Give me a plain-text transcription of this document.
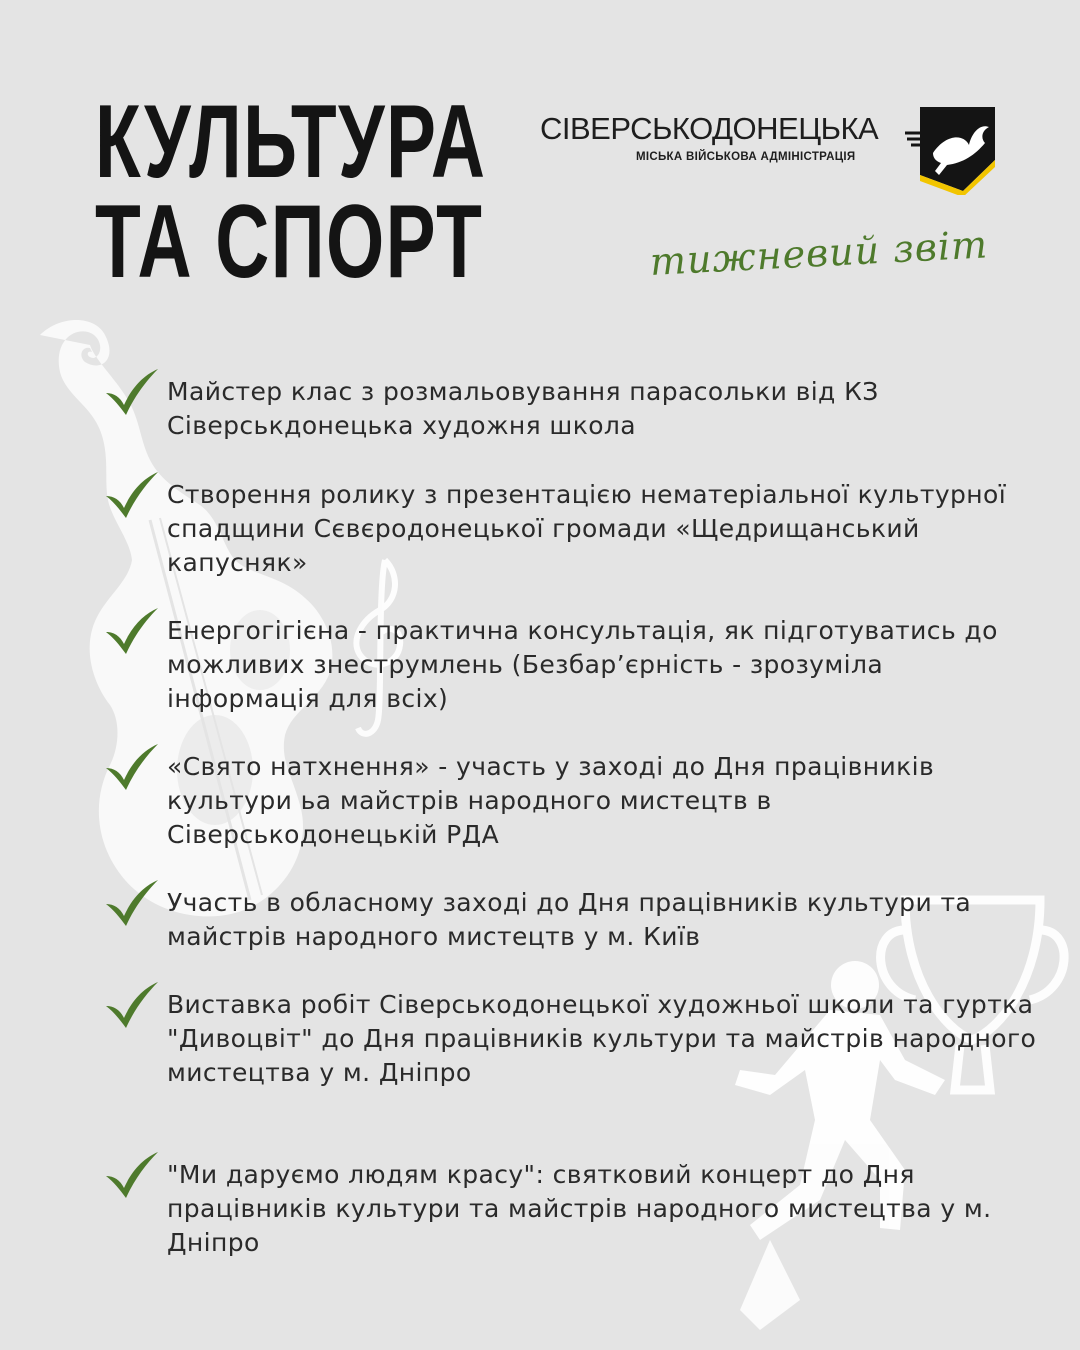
КУЛЬТУРА
ТА СПОРТ
СІВЕРСЬКОДОНЕЦЬКА
МІСЬКА ВІЙСЬКОВА АДМІНІСТРАЦІЯ
тижневий звіт

Майстер клас з розмальовування парасольки від КЗ Сіверськдонецька художня школа

Створення ролику з презентацією нематеріальної культурної спадщини Сєвєродонецької громади «Щедрищанський капусняк»

Енергогігієна - практична консультація, як підготуватись до можливих знеструмлень (Безбар’єрність - зрозуміла інформація для всіх)

«Свято натхнення» - участь у заході до Дня працівників культури ьа майстрів народного мистецтв в Сіверськодонецькій РДА

Участь в обласному заході до Дня працівників культури та майстрів народного мистецтв у м. Київ

Виставка робіт Сіверськодонецької художньої школи та гуртка "Дивоцвіт" до Дня працівників культури та майстрів народного мистецтва у м. Дніпро

"Ми даруємо людям красу": святковий концерт до Дня працівників культури та майстрів народного мистецтва у м. Дніпро
